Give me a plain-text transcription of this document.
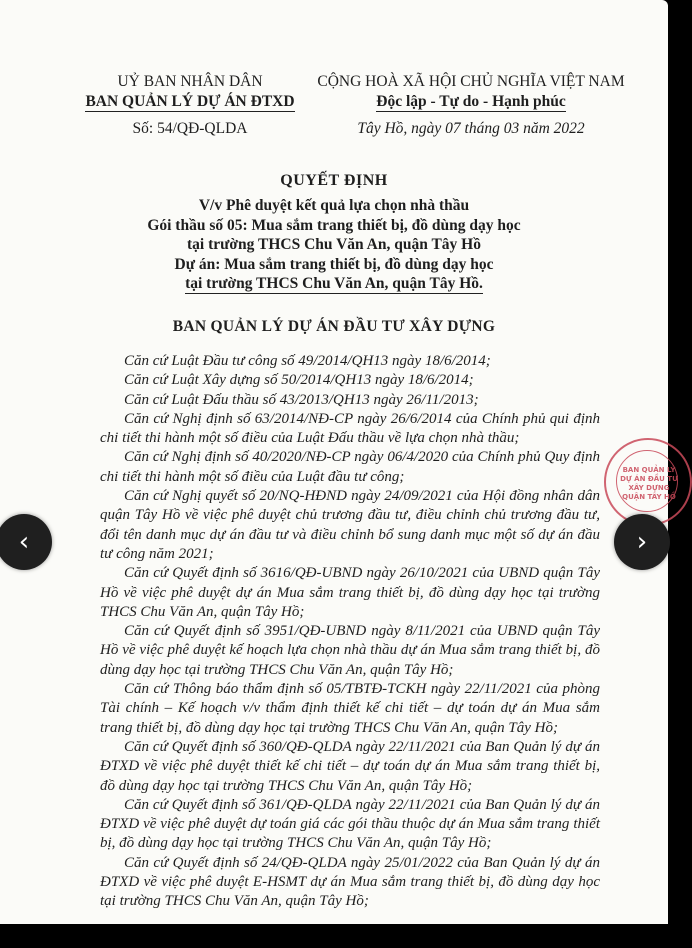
UỶ BAN NHÂN DÂN
BAN QUẢN LÝ DỰ ÁN ĐTXD
Số: 54/QĐ-QLDA
CỘNG HOÀ XÃ HỘI CHỦ NGHĨA VIỆT NAM
Độc lập - Tự do - Hạnh phúc
Tây Hồ, ngày 07 tháng 03 năm 2022
QUYẾT ĐỊNH
V/v Phê duyệt kết quả lựa chọn nhà thầu
Gói thầu số 05: Mua sắm trang thiết bị, đồ dùng dạy học
tại trường THCS Chu Văn An, quận Tây Hồ
Dự án: Mua sắm trang thiết bị, đồ dùng dạy học
tại trường THCS Chu Văn An, quận Tây Hồ.
BAN QUẢN LÝ DỰ ÁN ĐẦU TƯ XÂY DỰNG

Căn cứ Luật Đầu tư công số 49/2014/QH13 ngày 18/6/2014;

Căn cứ Luật Xây dựng số 50/2014/QH13 ngày 18/6/2014;

Căn cứ Luật Đấu thầu số 43/2013/QH13 ngày 26/11/2013;

Căn cứ Nghị định số 63/2014/NĐ-CP ngày 26/6/2014 của Chính phủ qui định chi tiết thi hành một số điều của Luật Đấu thầu về lựa chọn nhà thầu;

Căn cứ Nghị định số 40/2020/NĐ-CP ngày 06/4/2020 của Chính phủ Quy định chi tiết thi hành một số điều của Luật đầu tư công;

Căn cứ Nghị quyết số 20/NQ-HĐND ngày 24/09/2021 của Hội đồng nhân dân quận Tây Hồ về việc phê duyệt chủ trương đầu tư, điều chỉnh chủ trương đầu tư, đổi tên danh mục dự án đầu tư và điều chỉnh bổ sung danh mục một số dự án đầu tư công năm 2021;

Căn cứ Quyết định số 3616/QĐ-UBND ngày 26/10/2021 của UBND quận Tây Hồ về việc phê duyệt dự án Mua sắm trang thiết bị, đồ dùng dạy học tại trường THCS Chu Văn An, quận Tây Hồ;

Căn cứ Quyết định số 3951/QĐ-UBND ngày 8/11/2021 của UBND quận Tây Hồ về việc phê duyệt kế hoạch lựa chọn nhà thầu dự án Mua sắm trang thiết bị, đồ dùng dạy học tại trường THCS Chu Văn An, quận Tây Hồ;

Căn cứ Thông báo thẩm định số 05/TBTĐ-TCKH ngày 22/11/2021 của phòng Tài chính – Kế hoạch v/v thẩm định thiết kế chi tiết – dự toán dự án Mua sắm trang thiết bị, đồ dùng dạy học tại trường THCS Chu Văn An, quận Tây Hồ;

Căn cứ Quyết định số 360/QĐ-QLDA ngày 22/11/2021 của Ban Quản lý dự án ĐTXD về việc phê duyệt thiết kế chi tiết – dự toán dự án Mua sắm trang thiết bị, đồ dùng dạy học tại trường THCS Chu Văn An, quận Tây Hồ;

Căn cứ Quyết định số 361/QĐ-QLDA ngày 22/11/2021 của Ban Quản lý dự án ĐTXD về việc phê duyệt dự toán giá các gói thầu thuộc dự án Mua sắm trang thiết bị, đồ dùng dạy học tại trường THCS Chu Văn An, quận Tây Hồ;

Căn cứ Quyết định số 24/QĐ-QLDA ngày 25/01/2022 của Ban Quản lý dự án ĐTXD về việc phê duyệt E-HSMT dự án Mua sắm trang thiết bị, đồ dùng dạy học tại trường THCS Chu Văn An, quận Tây Hồ;

BAN QUẢN LÝ DỰ ÁN ĐẦU TƯ XÂY DỰNG QUẬN TÂY HỒ
‹	›
